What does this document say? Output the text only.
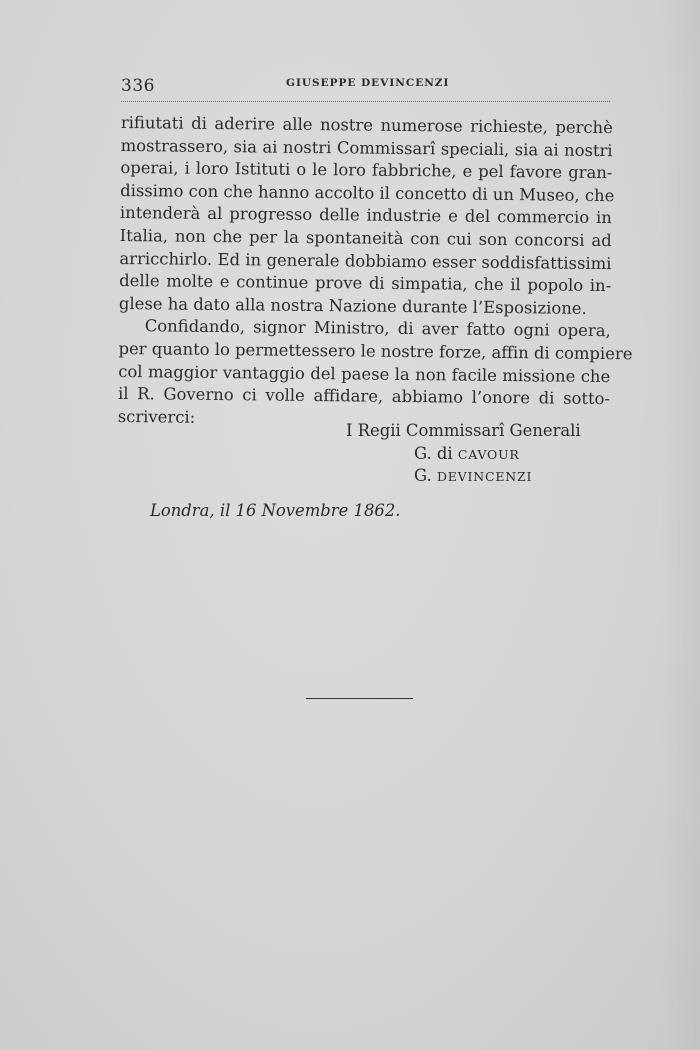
336	GIUSEPPE DEVINCENZI
rifiutati di aderire alle nostre numerose richieste, perchè
mostrassero, sia ai nostri Commissarî speciali, sia ai nostri
operai, i loro Istituti o le loro fabbriche, e pel favore gran-
dissimo con che hanno accolto il concetto di un Museo, che
intenderà al progresso delle industrie e del commercio in
Italia, non che per la spontaneità con cui son concorsi ad
arricchirlo. Ed in generale dobbiamo esser soddisfattissimi
delle molte e continue prove di simpatia, che il popolo in-
glese ha dato alla nostra Nazione durante l’Esposizione.
Confidando, signor Ministro, di aver fatto ogni opera,
per quanto lo permettessero le nostre forze, affin di compiere
col maggior vantaggio del paese la non facile missione che
il R. Governo ci volle affidare, abbiamo l’onore di sotto-
scriverci:
I Regii Commissarî Generali
G. di CAVOUR
G. DEVINCENZI
Londra, il 16 Novembre 1862.
